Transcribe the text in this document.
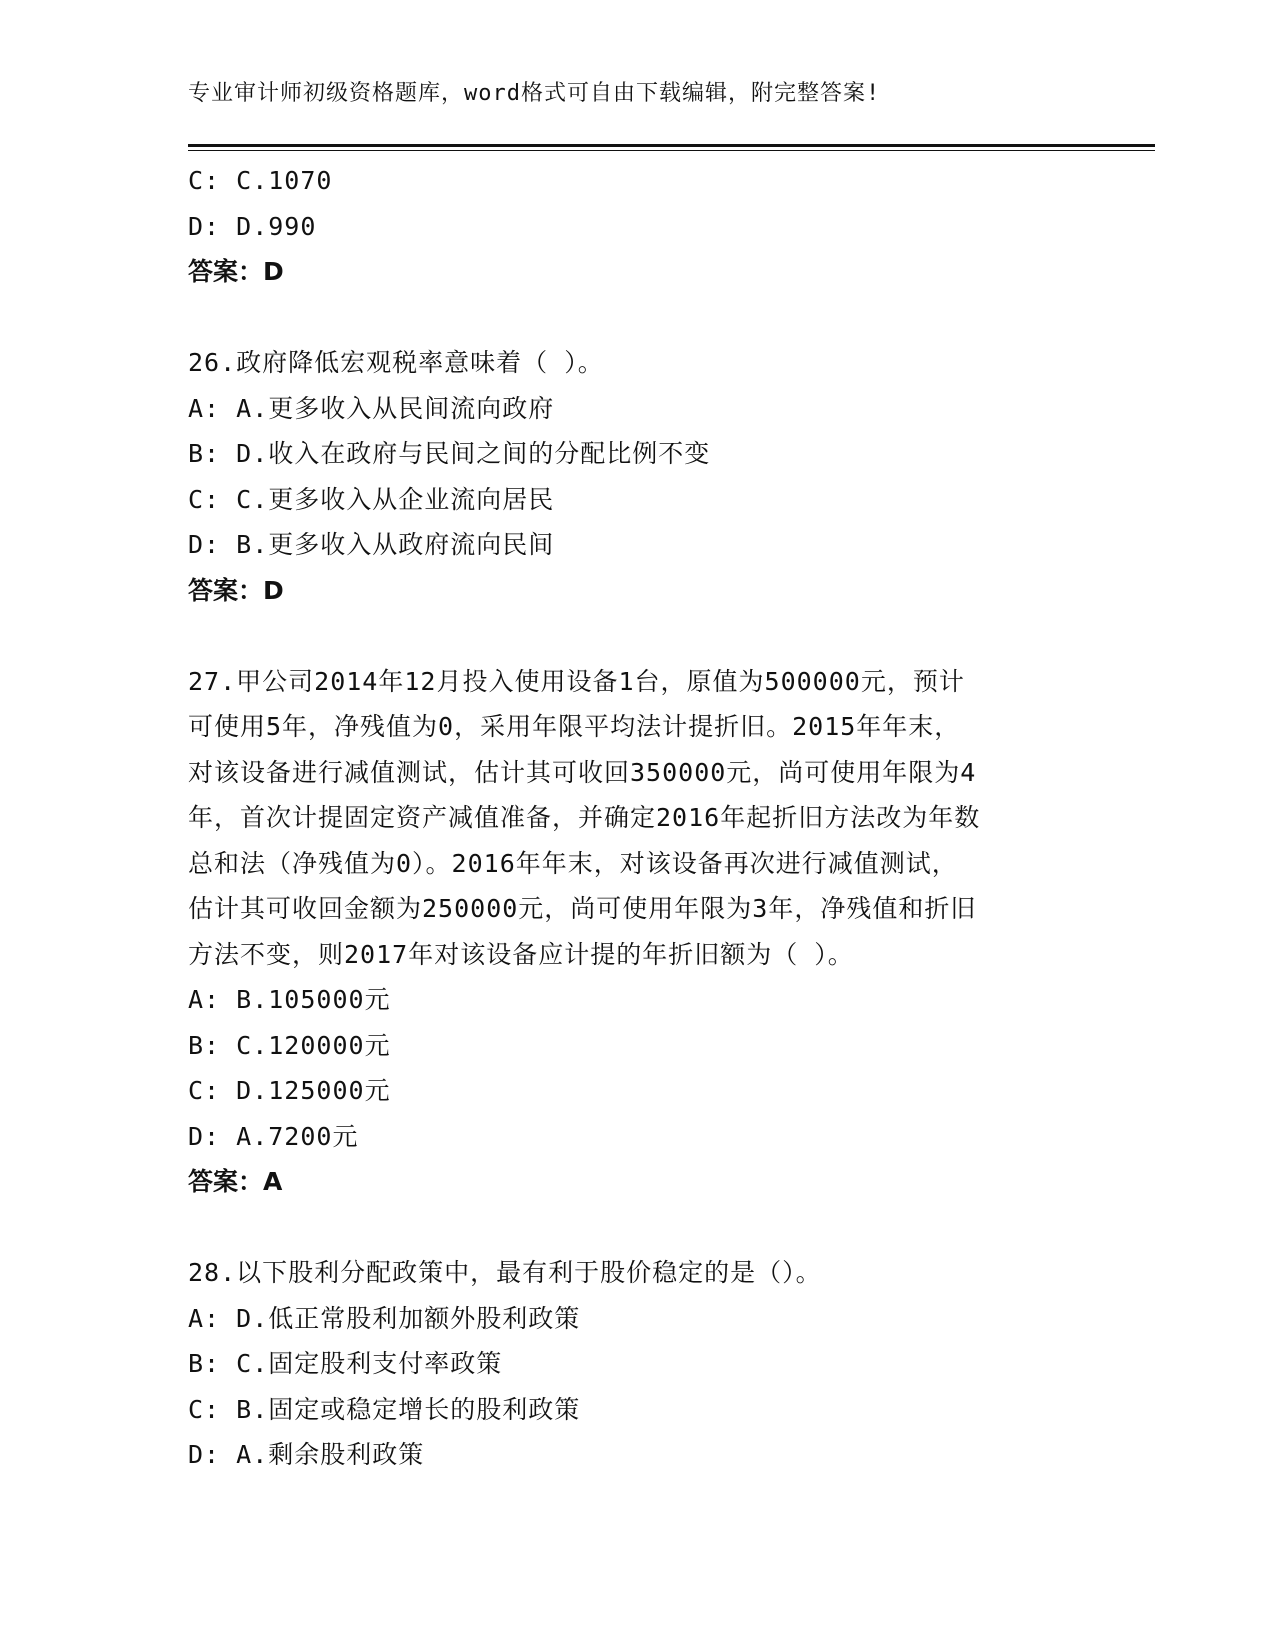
专业审计师初级资格题库，word格式可自由下载编辑，附完整答案!
C: C.1070
D: D.990
答案：D
26.政府降低宏观税率意味着（ ）。
A: A.更多收入从民间流向政府
B: D.收入在政府与民间之间的分配比例不变
C: C.更多收入从企业流向居民
D: B.更多收入从政府流向民间
答案：D
27.甲公司2014年12月投入使用设备1台，原值为500000元，预计
可使用5年，净残值为0，采用年限平均法计提折旧。2015年年末，
对该设备进行减值测试，估计其可收回350000元，尚可使用年限为4
年，首次计提固定资产减值准备，并确定2016年起折旧方法改为年数
总和法（净残值为0）。2016年年末，对该设备再次进行减值测试，
估计其可收回金额为250000元，尚可使用年限为3年，净残值和折旧
方法不变，则2017年对该设备应计提的年折旧额为（ ）。
A: B.105000元
B: C.120000元
C: D.125000元
D: A.7200元
答案：A
28.以下股利分配政策中，最有利于股价稳定的是（）。
A: D.低正常股利加额外股利政策
B: C.固定股利支付率政策
C: B.固定或稳定增长的股利政策
D: A.剩余股利政策
